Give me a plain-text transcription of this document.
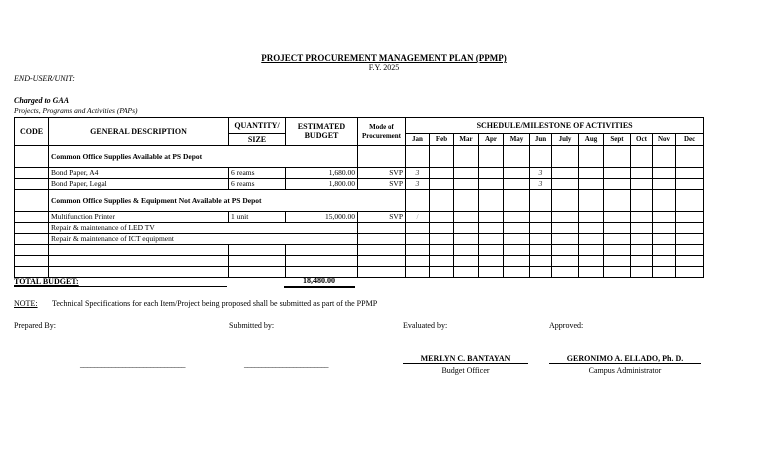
PROJECT PROCUREMENT MANAGEMENT PLAN (PPMP)
F.Y. 2025
END-USER/UNIT:
Charged to GAA
Projects, Programs and Activities (PAPs)
CODE	GENERAL DESCRIPTION	QUANTITY/	ESTIMATED BUDGET	Mode of Procurement	SCHEDULE/MILESTONE OF ACTIVITIES											
		SIZE			Jan	Feb	Mar	Apr	May	Jun	July	Aug	Sept	Oct	Nov	Dec
	Common Office Supplies Available at PS Depot															
	Bond Paper, A4	6 reams	1,680.00	SVP	3					3						
	Bond Paper, Legal	6 reams	1,800.00	SVP	3					3						
	Common Office Supplies & Equipment Not Available at PS Depot															
	Multifunction Printer	1 unit	15,000.00	SVP	/											
	Repair & maintenance of LED TV															
	Repair & maintenance of ICT equipment															

TOTAL BUDGET:	18,480.00
NOTE: Technical Specifications for each Item/Project being proposed shall be submitted as part of the PPMP
Prepared By:	Submitted by:	Evaluated by:	Approved:
______________________________	________________________
MERLYN C. BANTAYAN
Budget Officer
GERONIMO A. ELLADO, Ph. D.
Campus Administrator
